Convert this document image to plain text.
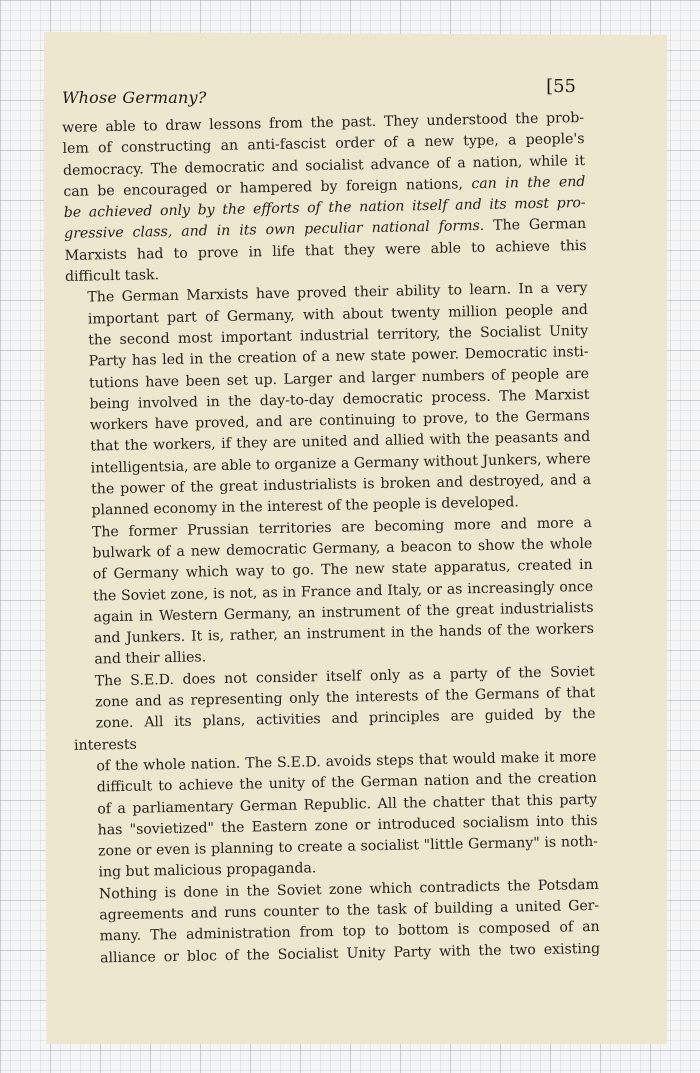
Whose Germany?
[55

were able to draw lessons from the past. They understood the prob-
lem of constructing an anti-fascist order of a new type, a people's
democracy. The democratic and socialist advance of a nation, while it
can be encouraged or hampered by foreign nations, can in the end
be achieved only by the efforts of the nation itself and its most pro-
gressive class, and in its own peculiar national forms. The German
Marxists had to prove in life that they were able to achieve this
difficult task.

The German Marxists have proved their ability to learn. In a very
important part of Germany, with about twenty million people and
the second most important industrial territory, the Socialist Unity
Party has led in the creation of a new state power. Democratic insti-
tutions have been set up. Larger and larger numbers of people are
being involved in the day-to-day democratic process. The Marxist
workers have proved, and are continuing to prove, to the Germans
that the workers, if they are united and allied with the peasants and
intelligentsia, are able to organize a Germany without Junkers, where
the power of the great industrialists is broken and destroyed, and a
planned economy in the interest of the people is developed.

The former Prussian territories are becoming more and more a
bulwark of a new democratic Germany, a beacon to show the whole
of Germany which way to go. The new state apparatus, created in
the Soviet zone, is not, as in France and Italy, or as increasingly once
again in Western Germany, an instrument of the great industrialists
and Junkers. It is, rather, an instrument in the hands of the workers
and their allies.

The S.E.D. does not consider itself only as a party of the Soviet
zone and as representing only the interests of the Germans of that
zone. All its plans, activities and principles are guided by the interests
of the whole nation. The S.E.D. avoids steps that would make it more
difficult to achieve the unity of the German nation and the creation
of a parliamentary German Republic. All the chatter that this party
has "sovietized" the Eastern zone or introduced socialism into this
zone or even is planning to create a socialist "little Germany" is noth-
ing but malicious propaganda.

Nothing is done in the Soviet zone which contradicts the Potsdam
agreements and runs counter to the task of building a united Ger-
many. The administration from top to bottom is composed of an
alliance or bloc of the Socialist Unity Party with the two existing
